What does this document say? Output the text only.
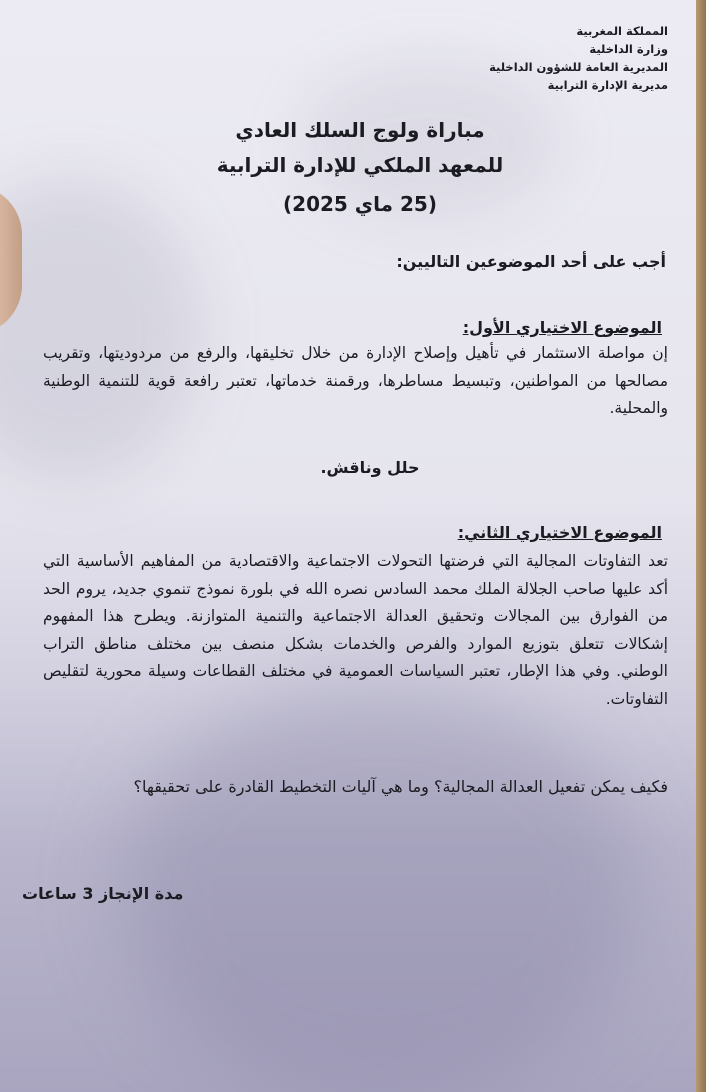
المملكة المغربية
وزارة الداخلية
المديرية العامة للشؤون الداخلية
مديرية الإدارة الترابية
مباراة ولوج السلك العادي
للمعهد الملكي للإدارة الترابية
(25 ماي 2025)
أجب على أحد الموضوعين التاليين:
الموضوع الاختياري الأول:
إن مواصلة الاستثمار في تأهيل وإصلاح الإدارة من خلال تخليقها، والرفع من مردوديتها، وتقريب مصالحها من المواطنين، وتبسيط مساطرها، ورقمنة خدماتها، تعتبر رافعة قوية للتنمية الوطنية والمحلية.
حلل وناقش.
الموضوع الاختياري الثاني:
تعد التفاوتات المجالية التي فرضتها التحولات الاجتماعية والاقتصادية من المفاهيم الأساسية التي أكد عليها صاحب الجلالة الملك محمد السادس نصره الله في بلورة نموذج تنموي جديد، يروم الحد من الفوارق بين المجالات وتحقيق العدالة الاجتماعية والتنمية المتوازنة. ويطرح هذا المفهوم إشكالات تتعلق بتوزيع الموارد والفرص والخدمات بشكل منصف بين مختلف مناطق التراب الوطني. وفي هذا الإطار، تعتبر السياسات العمومية في مختلف القطاعات وسيلة محورية لتقليص التفاوتات.
فكيف يمكن تفعيل العدالة المجالية؟ وما هي آليات التخطيط القادرة على تحقيقها؟
مدة الإنجاز 3 ساعات
